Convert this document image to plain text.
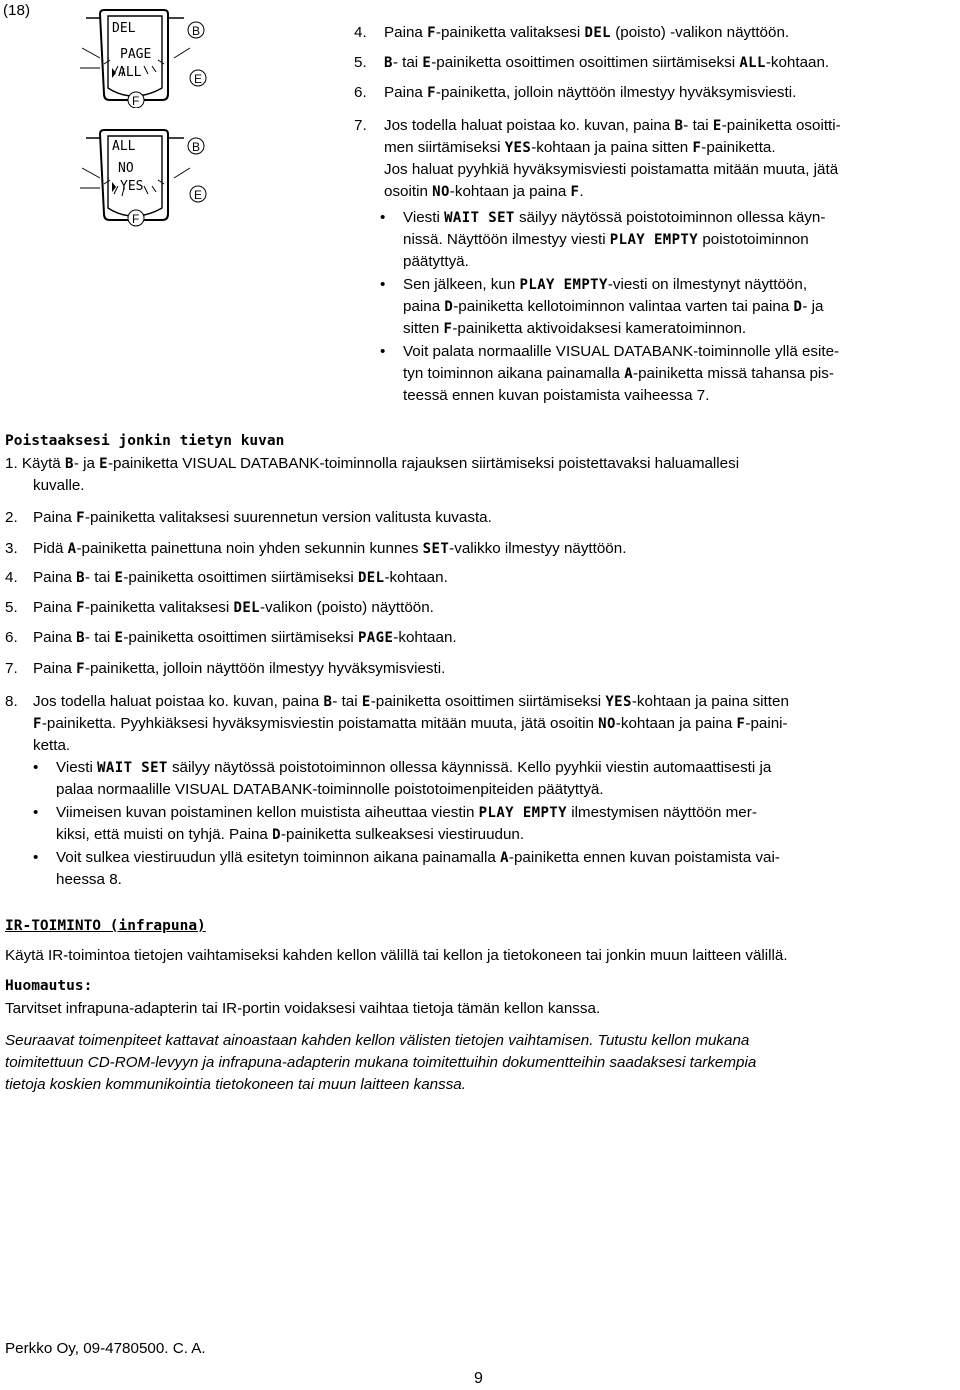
(18)
DEL
PAGE
ALL
B
E
F
ALL
NO
YES
B
E
F
4. Paina F-painiketta valitaksesi DEL (poisto) -valikon näyttöön.
5. B- tai E-painiketta osoittimen osoittimen siirtämiseksi ALL-kohtaan.
6. Paina F-painiketta, jolloin näyttöön ilmestyy hyväksymisviesti.
7. Jos todella haluat poistaa ko. kuvan, paina B- tai E-painiketta osoitti-
men siirtämiseksi YES-kohtaan ja paina sitten F-painiketta.
Jos haluat pyyhkiä hyväksymisviesti poistamatta mitään muuta, jätä
osoitin NO-kohtaan ja paina F.
• Viesti WAIT SET säilyy näytössä poistotoiminnon ollessa käyn-
nissä. Näyttöön ilmestyy viesti PLAY EMPTY poistotoiminnon
päätyttyä.
• Sen jälkeen, kun PLAY EMPTY-viesti on ilmestynyt näyttöön,
paina D-painiketta kellotoiminnon valintaa varten tai paina D- ja
sitten F-painiketta aktivoidaksesi kameratoiminnon.
• Voit palata normaalille VISUAL DATABANK-toiminnolle yllä esite-
tyn toiminnon aikana painamalla A-painiketta missä tahansa pis-
teessä ennen kuvan poistamista vaiheessa 7.
Poistaaksesi jonkin tietyn kuvan
1. Käytä B- ja E-painiketta VISUAL DATABANK-toiminnolla rajauksen siirtämiseksi poistettavaksi haluamallesi
kuvalle.
2. Paina F-painiketta valitaksesi suurennetun version valitusta kuvasta.
3. Pidä A-painiketta painettuna noin yhden sekunnin kunnes SET-valikko ilmestyy näyttöön.
4. Paina B- tai E-painiketta osoittimen siirtämiseksi DEL-kohtaan.
5. Paina F-painiketta valitaksesi DEL-valikon (poisto) näyttöön.
6. Paina B- tai E-painiketta osoittimen siirtämiseksi PAGE-kohtaan.
7. Paina F-painiketta, jolloin näyttöön ilmestyy hyväksymisviesti.
8. Jos todella haluat poistaa ko. kuvan, paina B- tai E-painiketta osoittimen siirtämiseksi YES-kohtaan ja paina sitten
F-painiketta. Pyyhkiäksesi hyväksymisviestin poistamatta mitään muuta, jätä osoitin NO-kohtaan ja paina F-paini-
ketta.
• Viesti WAIT SET säilyy näytössä poistotoiminnon ollessa käynnissä. Kello pyyhkii viestin automaattisesti ja
palaa normaalille VISUAL DATABANK-toiminnolle poistotoimenpiteiden päätyttyä.
• Viimeisen kuvan poistaminen kellon muistista aiheuttaa viestin PLAY EMPTY ilmestymisen näyttöön mer-
kiksi, että muisti on tyhjä. Paina D-painiketta sulkeaksesi viestiruudun.
• Voit sulkea viestiruudun yllä esitetyn toiminnon aikana painamalla A-painiketta ennen kuvan poistamista vai-
heessa 8.
IR-TOIMINTO (infrapuna)
Käytä IR-toimintoa tietojen vaihtamiseksi kahden kellon välillä tai kellon ja tietokoneen tai jonkin muun laitteen välillä.
Huomautus:
Tarvitset infrapuna-adapterin tai IR-portin voidaksesi vaihtaa tietoja tämän kellon kanssa.
Seuraavat toimenpiteet kattavat ainoastaan kahden kellon välisten tietojen vaihtamisen. Tutustu kellon mukana
toimitettuun CD-ROM-levyyn ja infrapuna-adapterin mukana toimitettuihin dokumentteihin saadaksesi tarkempia
tietoja koskien kommunikointia tietokoneen tai muun laitteen kanssa.
Perkko Oy, 09-4780500. C. A.
9
